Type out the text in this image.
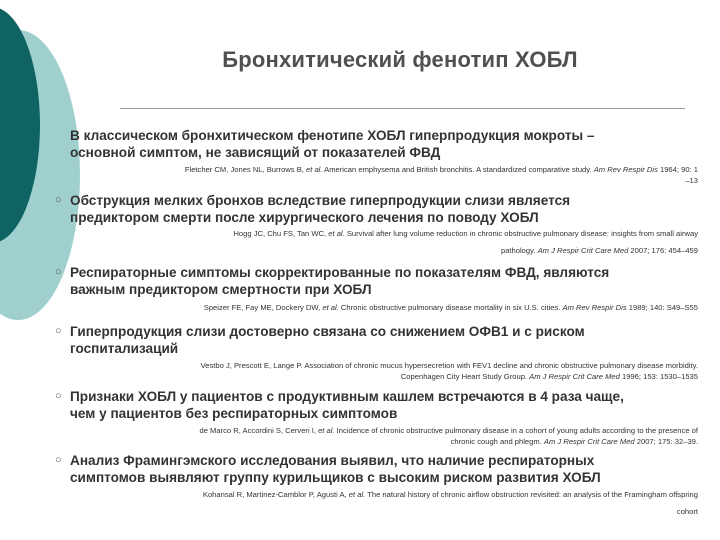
Бронхитический фенотип ХОБЛ
В классическом бронхитическом фенотипе ХОБЛ гиперпродукция мокроты –
основной симптом, не зависящий от показателей ФВД
Fletcher CM, Jones NL, Burrows B, et al. American emphysema and British bronchitis. A standardized comparative study. Am Rev Respir Dis 1964; 90: 1
–13
○ Обструкция мелких бронхов вследствие гиперпродукции слизи является
предиктором смерти после хирургического лечения по поводу ХОБЛ
Hogg JC, Chu FS, Tan WC, et al. Survival after lung volume reduction in chronic obstructive pulmonary disease: insights from small airway
pathology. Am J Respir Crit Care Med 2007; 176: 454–459
○ Респираторные симптомы скорректированные по показателям ФВД, являются
важным предиктором смертности при ХОБЛ
Speizer FE, Fay ME, Dockery DW, et al. Chronic obstructive pulmonary disease mortality in six U.S. cities. Am Rev Respir Dis 1989; 140: S49–S55
○ Гиперпродукция слизи достоверно связана со снижением ОФВ1 и с риском
госпитализаций
Vestbo J, Prescott E, Lange P. Association of chronic mucus hypersecretion with FEV1 decline and chronic obstructive pulmonary disease morbidity.
Copenhagen City Heart Study Group. Am J Respir Crit Care Med 1996; 153: 1530–1535
○ Признаки ХОБЛ у пациентов с продуктивным кашлем встречаются в 4 раза чаще,
чем у пациентов без респираторных симптомов
de Marco R, Accordini S, Cerveri I, et al. Incidence of chronic obstructive pulmonary disease in a cohort of young adults according to the presence of
chronic cough and phlegm. Am J Respir Crit Care Med 2007; 175: 32–39.
○ Анализ Фрамингэмского исследования выявил, что наличие респираторных
симптомов выявляют группу курильщиков с высоким риском развития ХОБЛ
Kohansal R, Martinez-Camblor P, Agusti A, et al. The natural history of chronic airflow obstruction revisited: an analysis of the Framingham offspring
cohort
